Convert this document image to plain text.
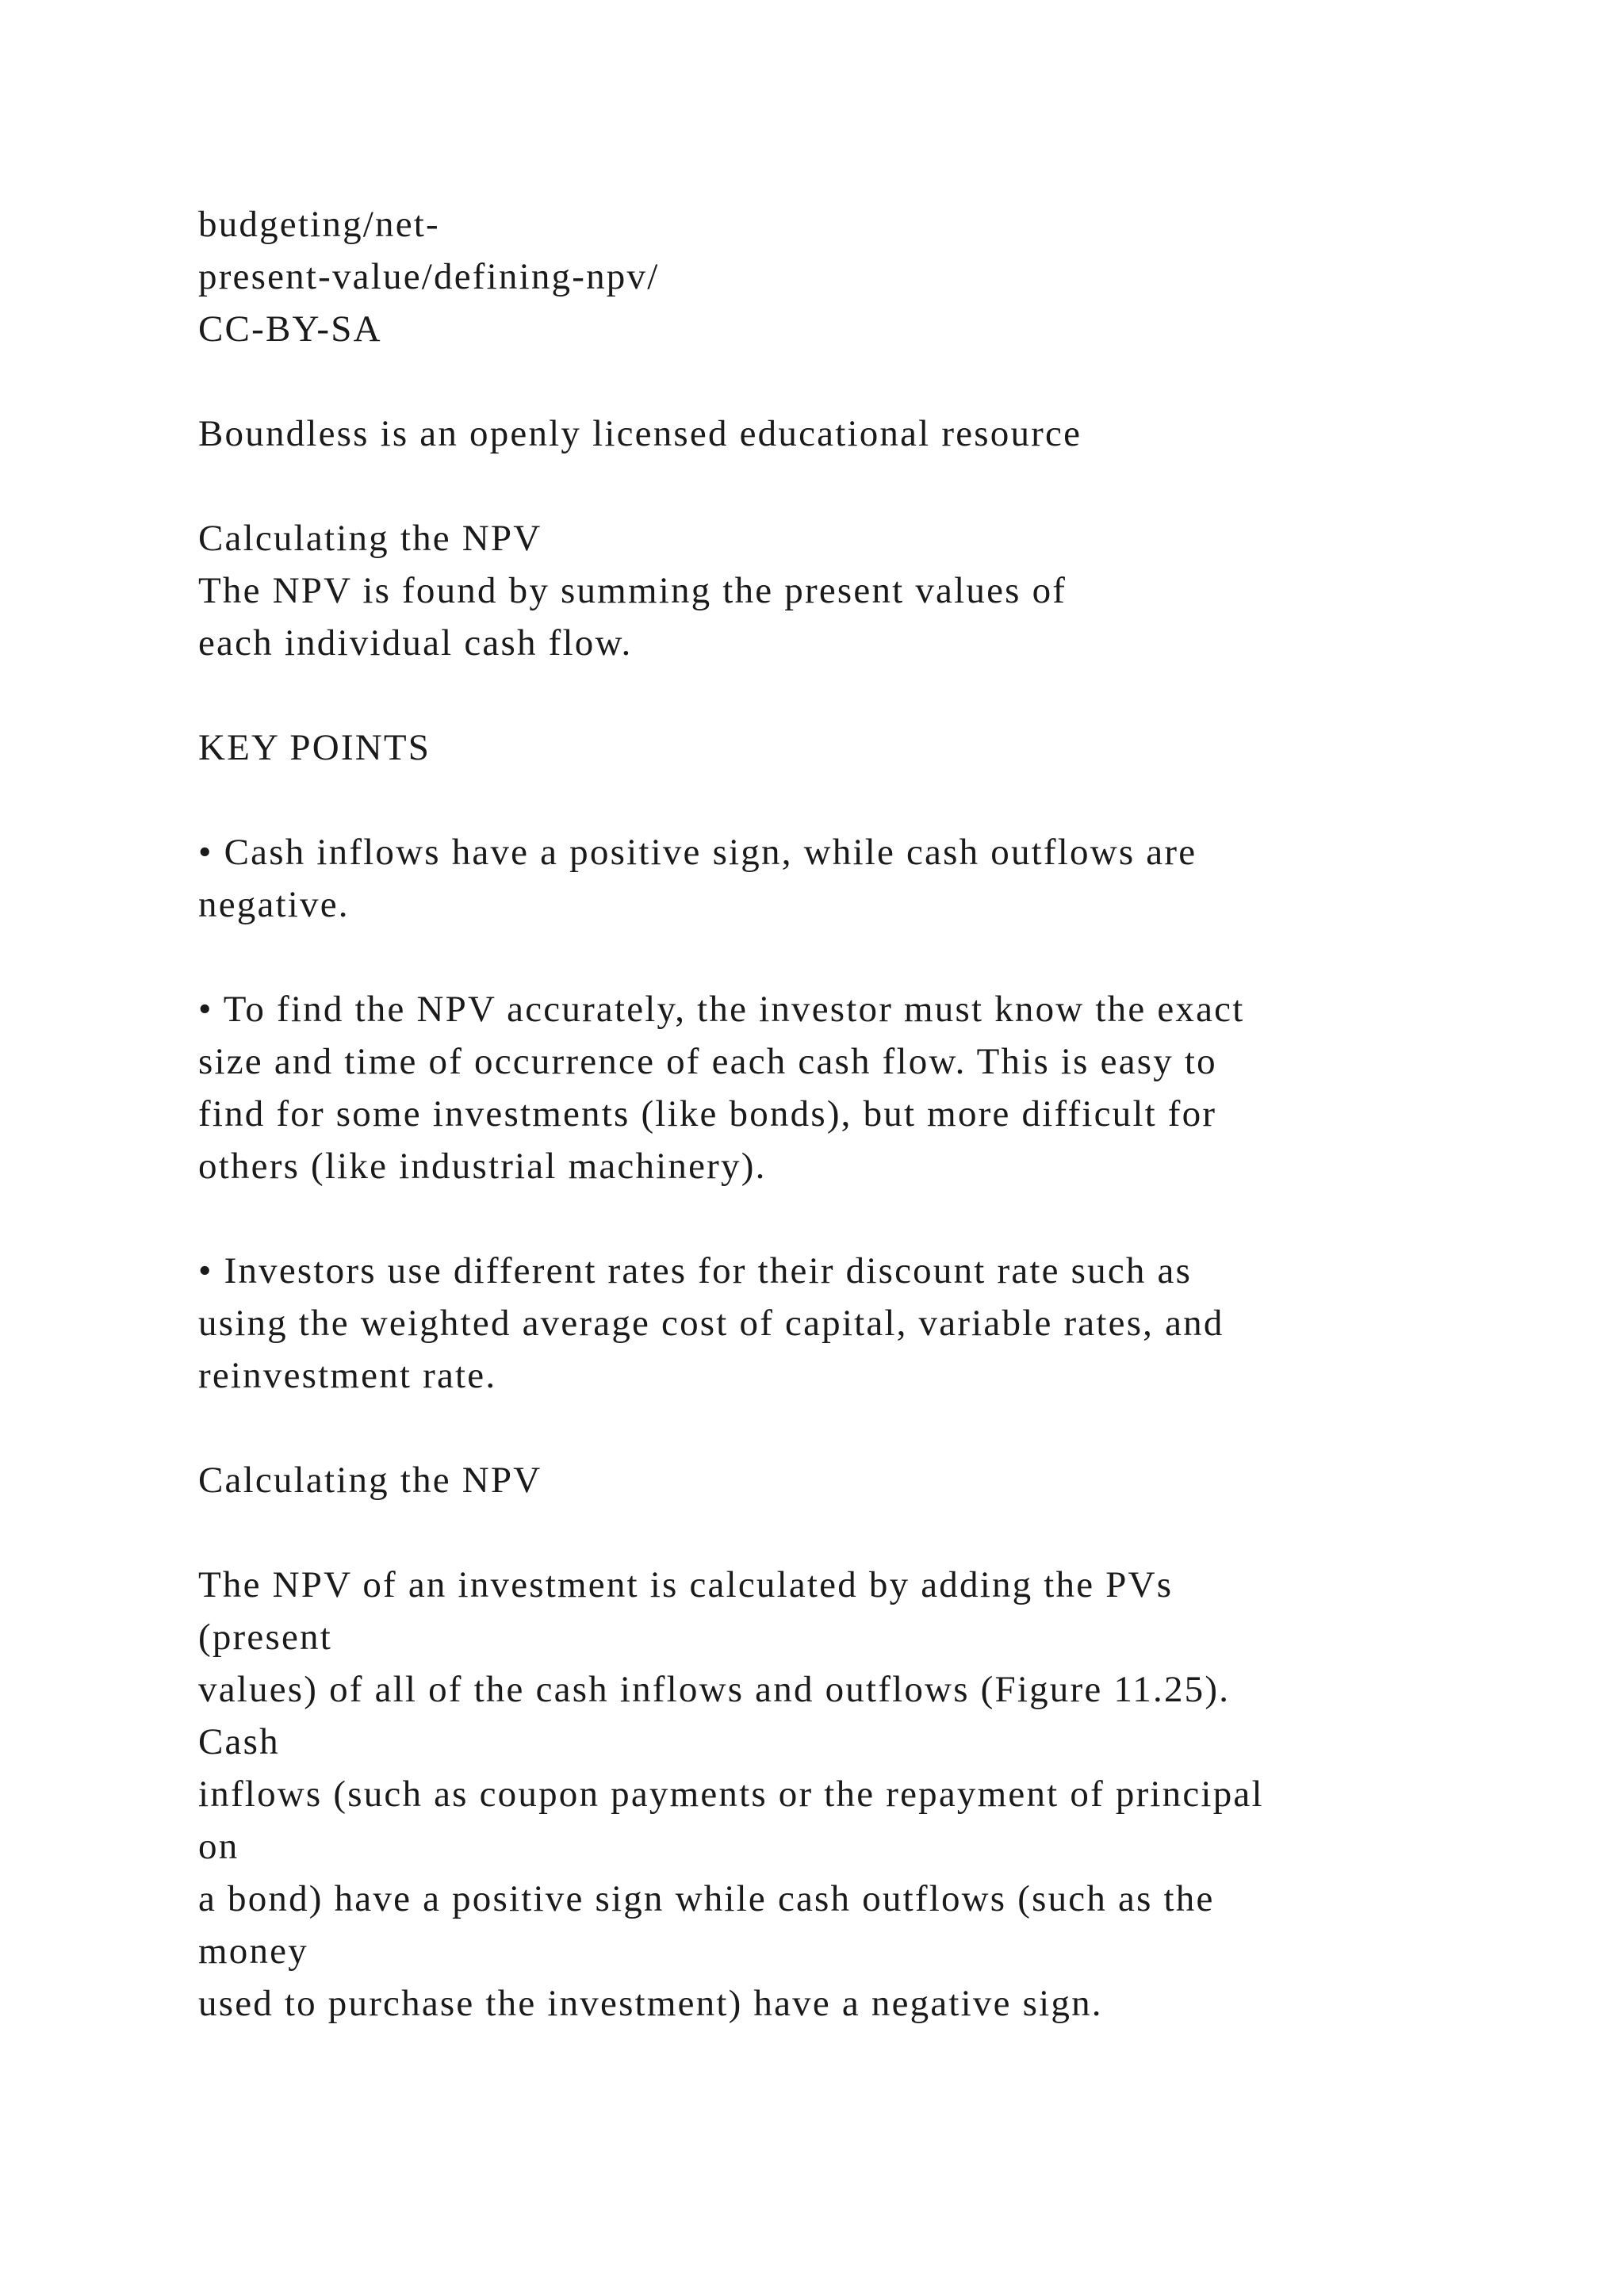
budgeting/net-
present-value/defining-npv/
CC-BY-SA
Boundless is an openly licensed educational resource
Calculating the NPV
The NPV is found by summing the present values of
each individual cash flow.
KEY POINTS
• Cash inflows have a positive sign, while cash outflows are
negative.
• To find the NPV accurately, the investor must know the exact
size and time of occurrence of each cash flow. This is easy to
find for some investments (like bonds), but more difficult for
others (like industrial machinery).
• Investors use different rates for their discount rate such as
using the weighted average cost of capital, variable rates, and
reinvestment rate.
Calculating the NPV
The NPV of an investment is calculated by adding the PVs
(present
values) of all of the cash inflows and outflows (Figure 11.25).
Cash
inflows (such as coupon payments or the repayment of principal
on
a bond) have a positive sign while cash outflows (such as the
money
used to purchase the investment) have a negative sign.
